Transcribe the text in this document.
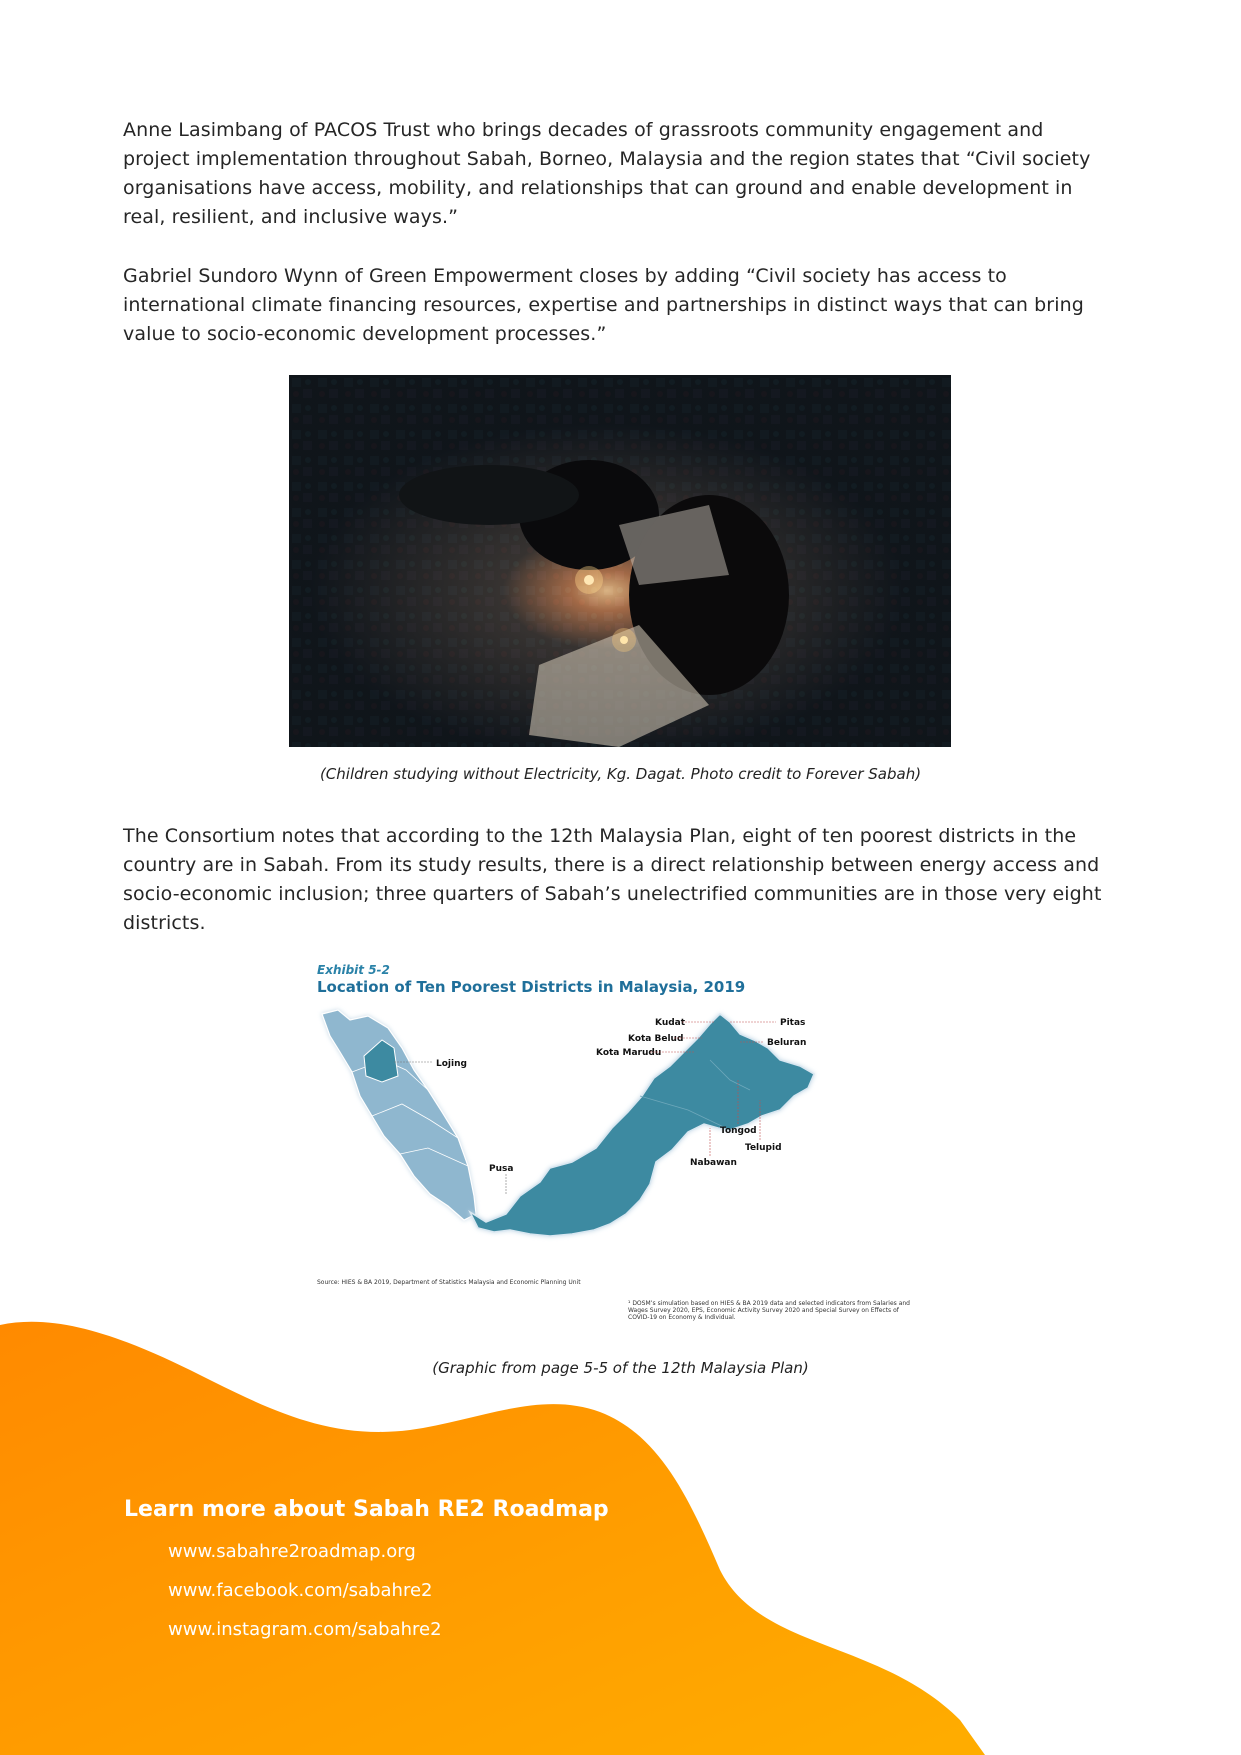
Anne Lasimbang of PACOS Trust who brings decades of grassroots community engagement and project implementation throughout Sabah, Borneo, Malaysia and the region states that “Civil society organisations have access, mobility, and relationships that can ground and enable development in real, resilient, and inclusive ways.”

Gabriel Sundoro Wynn of Green Empowerment closes by adding “Civil society has access to international climate financing resources, expertise and partnerships in distinct ways that can bring value to socio-economic development processes.”

(Children studying without Electricity, Kg. Dagat. Photo credit to Forever Sabah)

The Consortium notes that according to the 12th Malaysia Plan, eight of ten poorest districts in the country are in Sabah. From its study results, there is a direct relationship between energy access and socio-economic inclusion; three quarters of Sabah’s unelectrified communities are in those very eight districts.

Exhibit 5-2

Location of Ten Poorest Districts in Malaysia, 2019

Lojing
Pusa
Kudat	Pitas
Kota Belud	Beluran
Kota Marudu
Tongod
Telupid
Nabawan

Source: HIES & BA 2019, Department of Statistics Malaysia and Economic Planning Unit

¹ DOSM’s simulation based on HIES & BA 2019 data and selected indicators from Salaries and Wages Survey 2020, EPS, Economic Activity Survey 2020 and Special Survey on Effects of COVID-19 on Economy & Individual.

(Graphic from page 5-5 of the 12th Malaysia Plan)

Learn more about Sabah RE2 Roadmap
www.sabahre2roadmap.org
www.facebook.com/sabahre2
www.instagram.com/sabahre2
